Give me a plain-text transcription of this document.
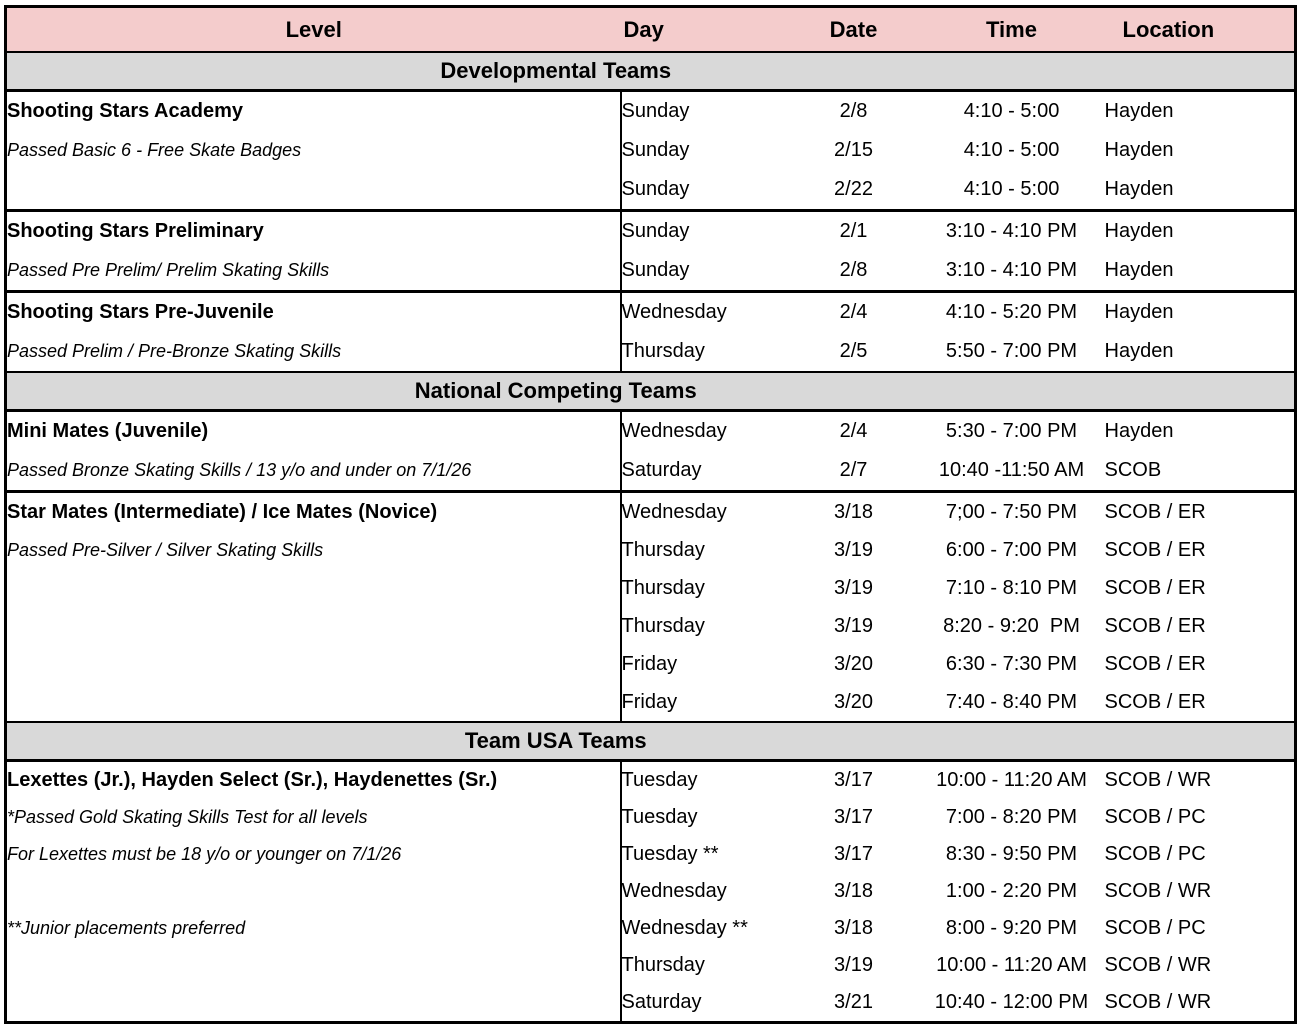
Level	Day	Date	Time	Location
Developmental Teams				
Shooting Stars Academy	Sunday	2/8	4:10 - 5:00	Hayden
Passed Basic 6 - Free Skate Badges	Sunday	2/15	4:10 - 5:00	Hayden
	Sunday	2/22	4:10 - 5:00	Hayden
Shooting Stars Preliminary	Sunday	2/1	3:10 - 4:10 PM	Hayden
Passed Pre Prelim/ Prelim Skating Skills	Sunday	2/8	3:10 - 4:10 PM	Hayden
Shooting Stars Pre-Juvenile	Wednesday	2/4	4:10 - 5:20 PM	Hayden
Passed Prelim / Pre-Bronze Skating Skills	Thursday	2/5	5:50 - 7:00 PM	Hayden
National Competing Teams				
Mini Mates (Juvenile)	Wednesday	2/4	5:30 - 7:00 PM	Hayden
Passed Bronze Skating Skills / 13 y/o and under on 7/1/26	Saturday	2/7	10:40 -11:50 AM	SCOB
Star Mates (Intermediate) / Ice Mates (Novice)	Wednesday	3/18	7;00 - 7:50 PM	SCOB / ER
Passed Pre-Silver / Silver Skating Skills	Thursday	3/19	6:00 - 7:00 PM	SCOB / ER
	Thursday	3/19	7:10 - 8:10 PM	SCOB / ER
	Thursday	3/19	8:20 - 9:20  PM	SCOB / ER
	Friday	3/20	6:30 - 7:30 PM	SCOB / ER
	Friday	3/20	7:40 - 8:40 PM	SCOB / ER
Team USA Teams				
Lexettes (Jr.), Hayden Select (Sr.), Haydenettes (Sr.)	Tuesday	3/17	10:00 - 11:20 AM	SCOB / WR
*Passed Gold Skating Skills Test for all levels	Tuesday	3/17	7:00 - 8:20 PM	SCOB / PC
For Lexettes must be 18 y/o or younger on 7/1/26	Tuesday **	3/17	8:30 - 9:50 PM	SCOB / PC
	Wednesday	3/18	1:00 - 2:20 PM	SCOB / WR
**Junior placements preferred	Wednesday **	3/18	8:00 - 9:20 PM	SCOB / PC
	Thursday	3/19	10:00 - 11:20 AM	SCOB / WR
	Saturday	3/21	10:40 - 12:00 PM	SCOB / WR
